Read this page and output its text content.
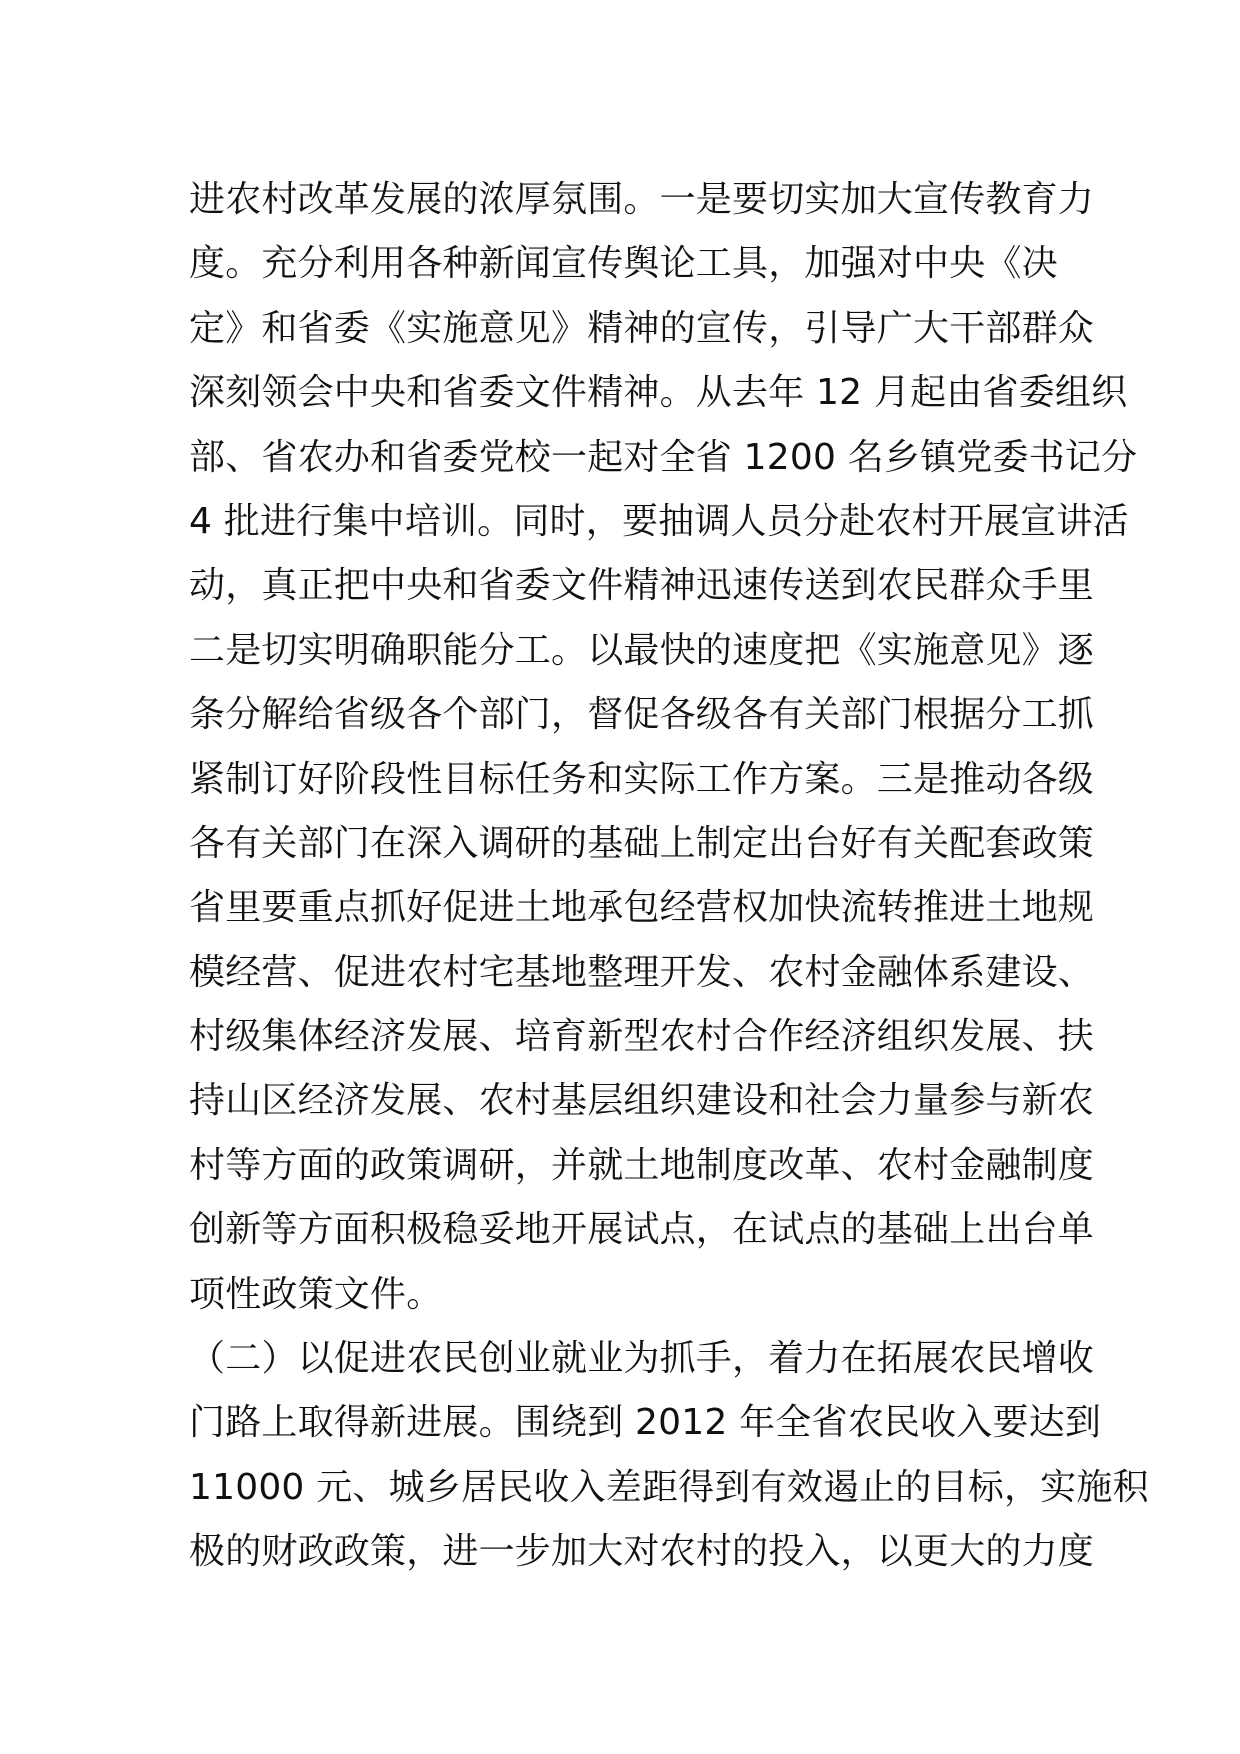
进农村改革发展的浓厚氛围。一是要切实加大宣传教育力
度。充分利用各种新闻宣传舆论工具，加强对中央《决
定》和省委《实施意见》精神的宣传，引导广大干部群众
深刻领会中央和省委文件精神。从去年 12 月起由省委组织
部、省农办和省委党校一起对全省 1200 名乡镇党委书记分
4 批进行集中培训。同时，要抽调人员分赴农村开展宣讲活
动，真正把中央和省委文件精神迅速传送到农民群众手里
二是切实明确职能分工。以最快的速度把《实施意见》逐
条分解给省级各个部门，督促各级各有关部门根据分工抓
紧制订好阶段性目标任务和实际工作方案。三是推动各级
各有关部门在深入调研的基础上制定出台好有关配套政策
省里要重点抓好促进土地承包经营权加快流转推进土地规
模经营、促进农村宅基地整理开发、农村金融体系建设、
村级集体经济发展、培育新型农村合作经济组织发展、扶
持山区经济发展、农村基层组织建设和社会力量参与新农
村等方面的政策调研，并就土地制度改革、农村金融制度
创新等方面积极稳妥地开展试点，在试点的基础上出台单
项性政策文件。
（二）以促进农民创业就业为抓手，着力在拓展农民增收
门路上取得新进展。围绕到 2012 年全省农民收入要达到
11000 元、城乡居民收入差距得到有效遏止的目标，实施积
极的财政政策，进一步加大对农村的投入，以更大的力度
